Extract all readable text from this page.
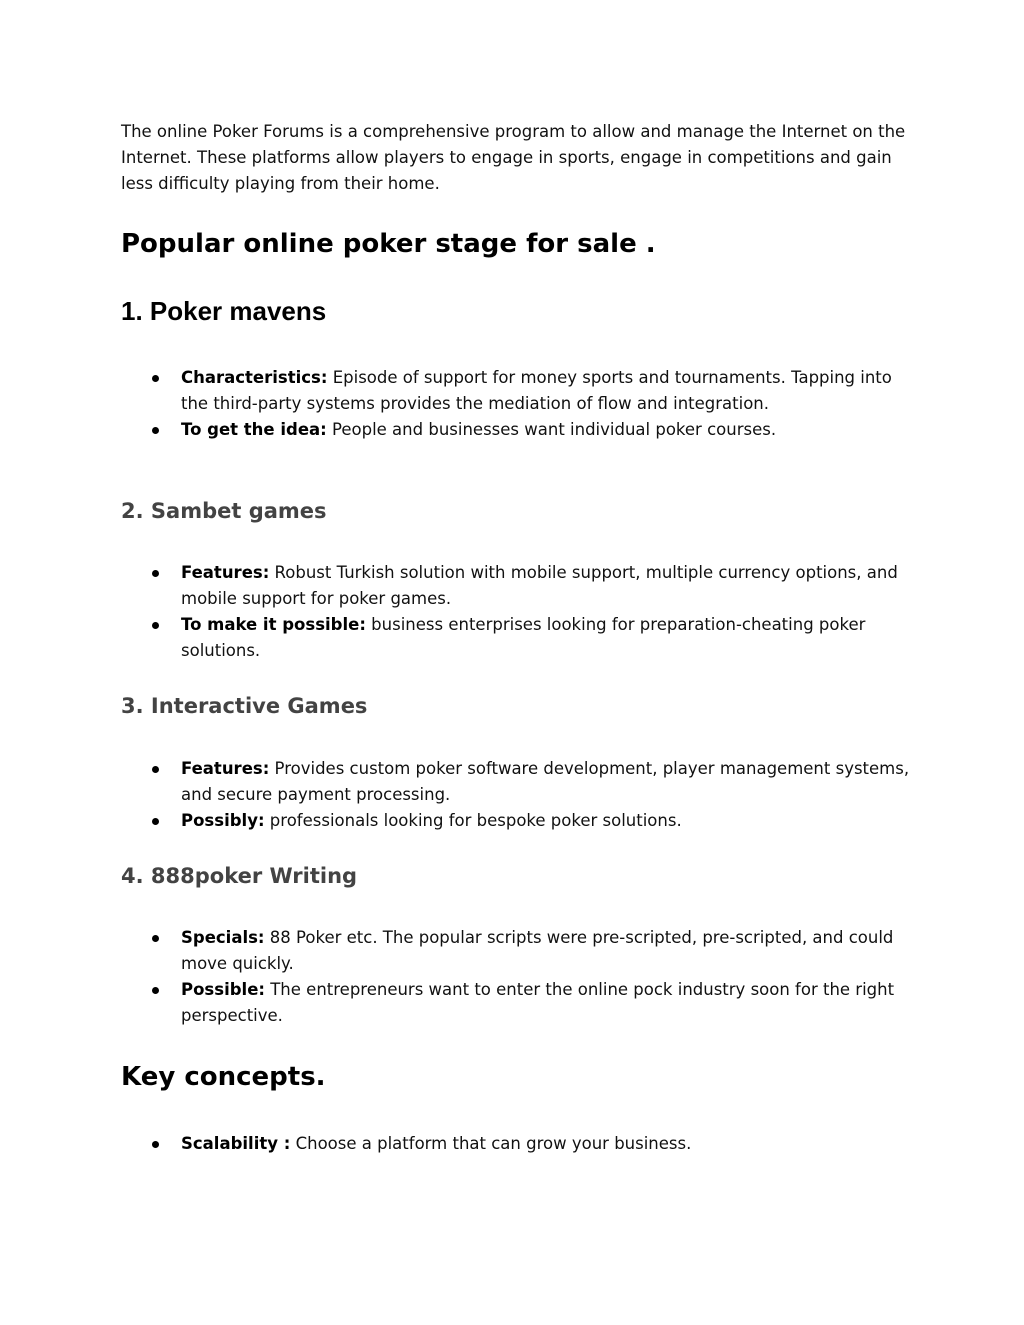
The online Poker Forums is a comprehensive program to allow and manage the Internet on the Internet. These platforms allow players to engage in sports, engage in competitions and gain less difficulty playing from their home.

Popular online poker stage for sale .
1. Poker mavens
Characteristics: Episode of support for money sports and tournaments. Tapping into the third-party systems provides the mediation of flow and integration.
To get the idea: People and businesses want individual poker courses.
2. Sambet games
Features: Robust Turkish solution with mobile support, multiple currency options, and mobile support for poker games.
To make it possible: business enterprises looking for preparation-cheating poker solutions.
3. Interactive Games
Features: Provides custom poker software development, player management systems, and secure payment processing.
Possibly: professionals looking for bespoke poker solutions.
4. 888poker Writing
Specials: 88 Poker etc. The popular scripts were pre-scripted, pre-scripted, and could move quickly.
Possible: The entrepreneurs want to enter the online pock industry soon for the right perspective.
Key concepts.
Scalability : Choose a platform that can grow your business.
